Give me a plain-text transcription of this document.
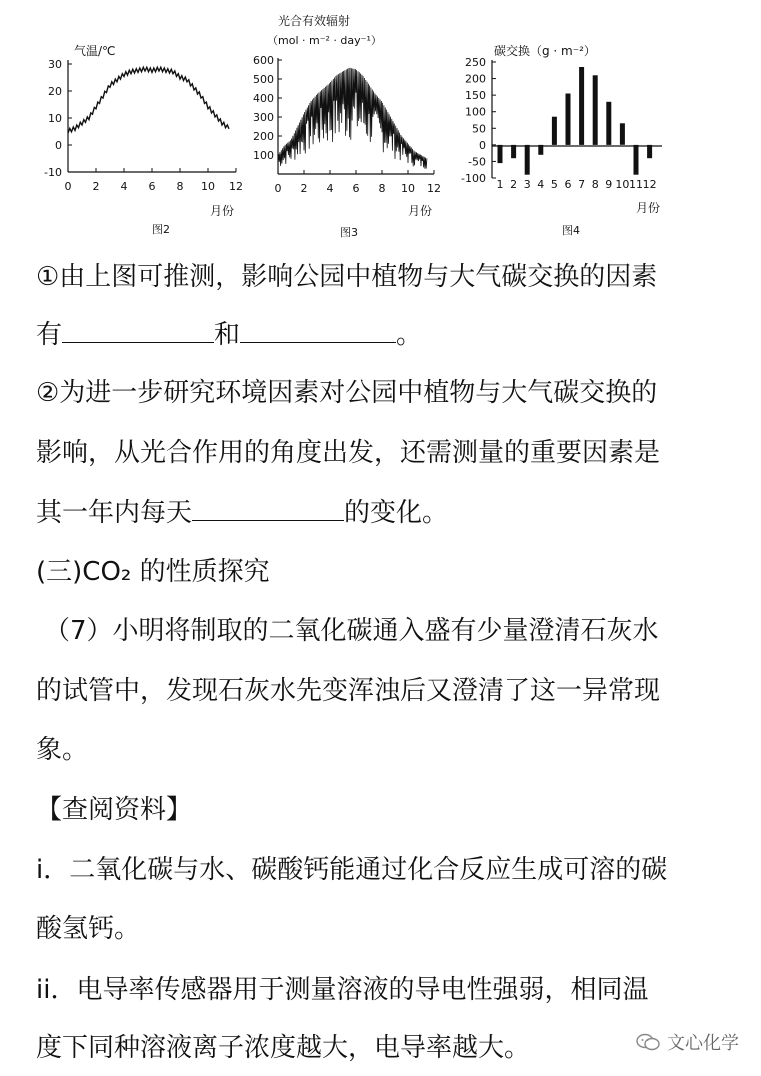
气温/℃
-10
0
10
20
30
0 2 4 6 8 10 12
月份
图2
光合有效辐射
（mol · m⁻² · day⁻¹）
100
200
300
400
500
600
0 2 4 6 8 10 12
月份
图3
碳交换（g · m⁻²）
-100
-50
0
50
100
150
200
250
1 2 3 4 5 6 7 8 9 10 11 12
月份
图4
①由上图可推测，影响公园中植物与大气碳交换的因素
有	和	。
②为进一步研究环境因素对公园中植物与大气碳交换的
影响，从光合作用的角度出发，还需测量的重要因素是
其一年内每天	的变化。
(三)CO₂ 的性质探究
（7）小明将制取的二氧化碳通入盛有少量澄清石灰水
的试管中，发现石灰水先变浑浊后又澄清了这一异常现
象。
【查阅资料】
i．二氧化碳与水、碳酸钙能通过化合反应生成可溶的碳
酸氢钙。
ii．电导率传感器用于测量溶液的导电性强弱，相同温
度下同种溶液离子浓度越大，电导率越大。	文心化学
